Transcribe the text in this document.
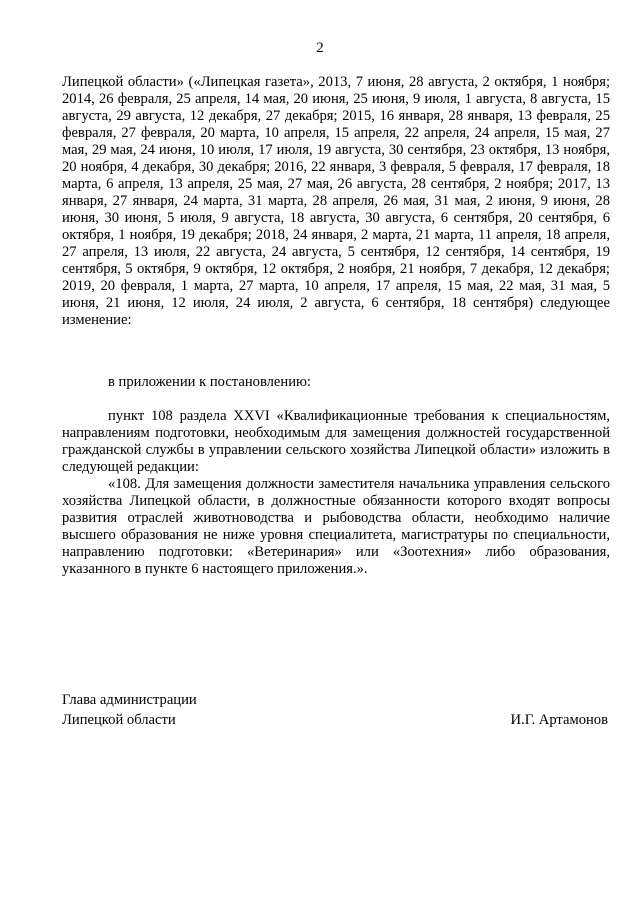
2

Липецкой области» («Липецкая газета», 2013, 7 июня, 28 августа, 2 октября, 1 ноября; 2014, 26 февраля, 25 апреля, 14 мая, 20 июня, 25 июня, 9 июля, 1 августа, 8 августа, 15 августа, 29 августа, 12 декабря, 27 декабря; 2015, 16 января, 28 января, 13 февраля, 25 февраля, 27 февраля, 20 марта, 10 апреля, 15 апреля, 22 апреля, 24 апреля, 15 мая, 27 мая, 29 мая, 24 июня, 10 июля, 17 июля, 19 августа, 30 сентября, 23 октября, 13 ноября, 20 ноября, 4 декабря, 30 декабря; 2016, 22 января, 3 февраля, 5 февраля, 17 февраля, 18 марта, 6 апреля, 13 апреля, 25 мая, 27 мая, 26 августа, 28 сентября, 2 ноября; 2017, 13 января, 27 января, 24 марта, 31 марта, 28 апреля, 26 мая, 31 мая, 2 июня, 9 июня, 28 июня, 30 июня, 5 июля, 9 августа, 18 августа, 30 августа, 6 сентября, 20 сентября, 6 октября, 1 ноября, 19 декабря; 2018, 24 января, 2 марта, 21 марта, 11 апреля, 18 апреля, 27 апреля, 13 июля, 22 августа, 24 августа, 5 сентября, 12 сентября, 14 сентября, 19 сентября, 5 октября, 9 октября, 12 октября, 2 ноября, 21 ноября, 7 декабря, 12 декабря; 2019, 20 февраля, 1 марта, 27 марта, 10 апреля, 17 апреля, 15 мая, 22 мая, 31 мая, 5 июня, 21 июня, 12 июля, 24 июля, 2 августа, 6 сентября, 18 сентября) следующее изменение:

в приложении к постановлению:

пункт 108 раздела XXVI «Квалификационные требования к специальностям, направлениям подготовки, необходимым для замещения должностей государственной гражданской службы в управлении сельского хозяйства Липецкой области» изложить в следующей редакции:

«108. Для замещения должности заместителя начальника управления сельского хозяйства Липецкой области, в должностные обязанности которого входят вопросы развития отраслей животноводства и рыбоводства области, необходимо наличие высшего образования не ниже уровня специалитета, магистратуры по специальности, направлению подготовки: «Ветеринария» или «Зоотехния» либо образования, указанного в пункте 6 настоящего приложения.».

Глава администрации
Липецкой области	И.Г. Артамонов
